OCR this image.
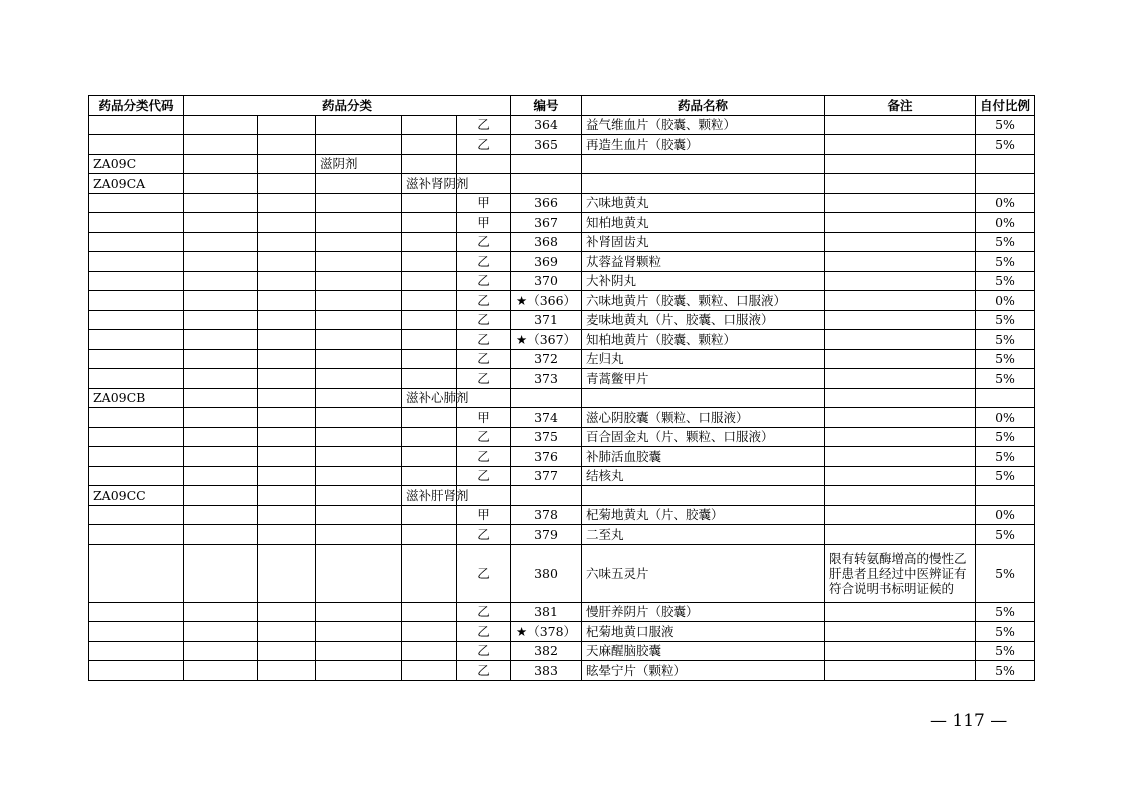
药品分类代码	药品分类					编号	药品名称	备注	自付比例
					乙	364	益气维血片（胶囊、颗粒）		5%
					乙	365	再造生血片（胶囊）		5%
ZA09C			滋阴剂						
ZA09CA				滋补肾阴剂					
					甲	366	六味地黄丸		0%
					甲	367	知柏地黄丸		0%
					乙	368	补肾固齿丸		5%
					乙	369	苁蓉益肾颗粒		5%
					乙	370	大补阴丸		5%
					乙	★（366）	六味地黄片（胶囊、颗粒、口服液）		0%
					乙	371	麦味地黄丸（片、胶囊、口服液）		5%
					乙	★（367）	知柏地黄片（胶囊、颗粒）		5%
					乙	372	左归丸		5%
					乙	373	青蒿鳖甲片		5%
ZA09CB				滋补心肺剂					
					甲	374	滋心阴胶囊（颗粒、口服液）		0%
					乙	375	百合固金丸（片、颗粒、口服液）		5%
					乙	376	补肺活血胶囊		5%
					乙	377	结核丸		5%
ZA09CC				滋补肝肾剂					
					甲	378	杞菊地黄丸（片、胶囊）		0%
					乙	379	二至丸		5%
					乙	380	六味五灵片	限有转氨酶增高的慢性乙肝患者且经过中医辨证有符合说明书标明证候的	5%
					乙	381	慢肝养阴片（胶囊）		5%
					乙	★（378）	杞菊地黄口服液		5%
					乙	382	天麻醒脑胶囊		5%
					乙	383	眩晕宁片（颗粒）		5%
— 117 —
